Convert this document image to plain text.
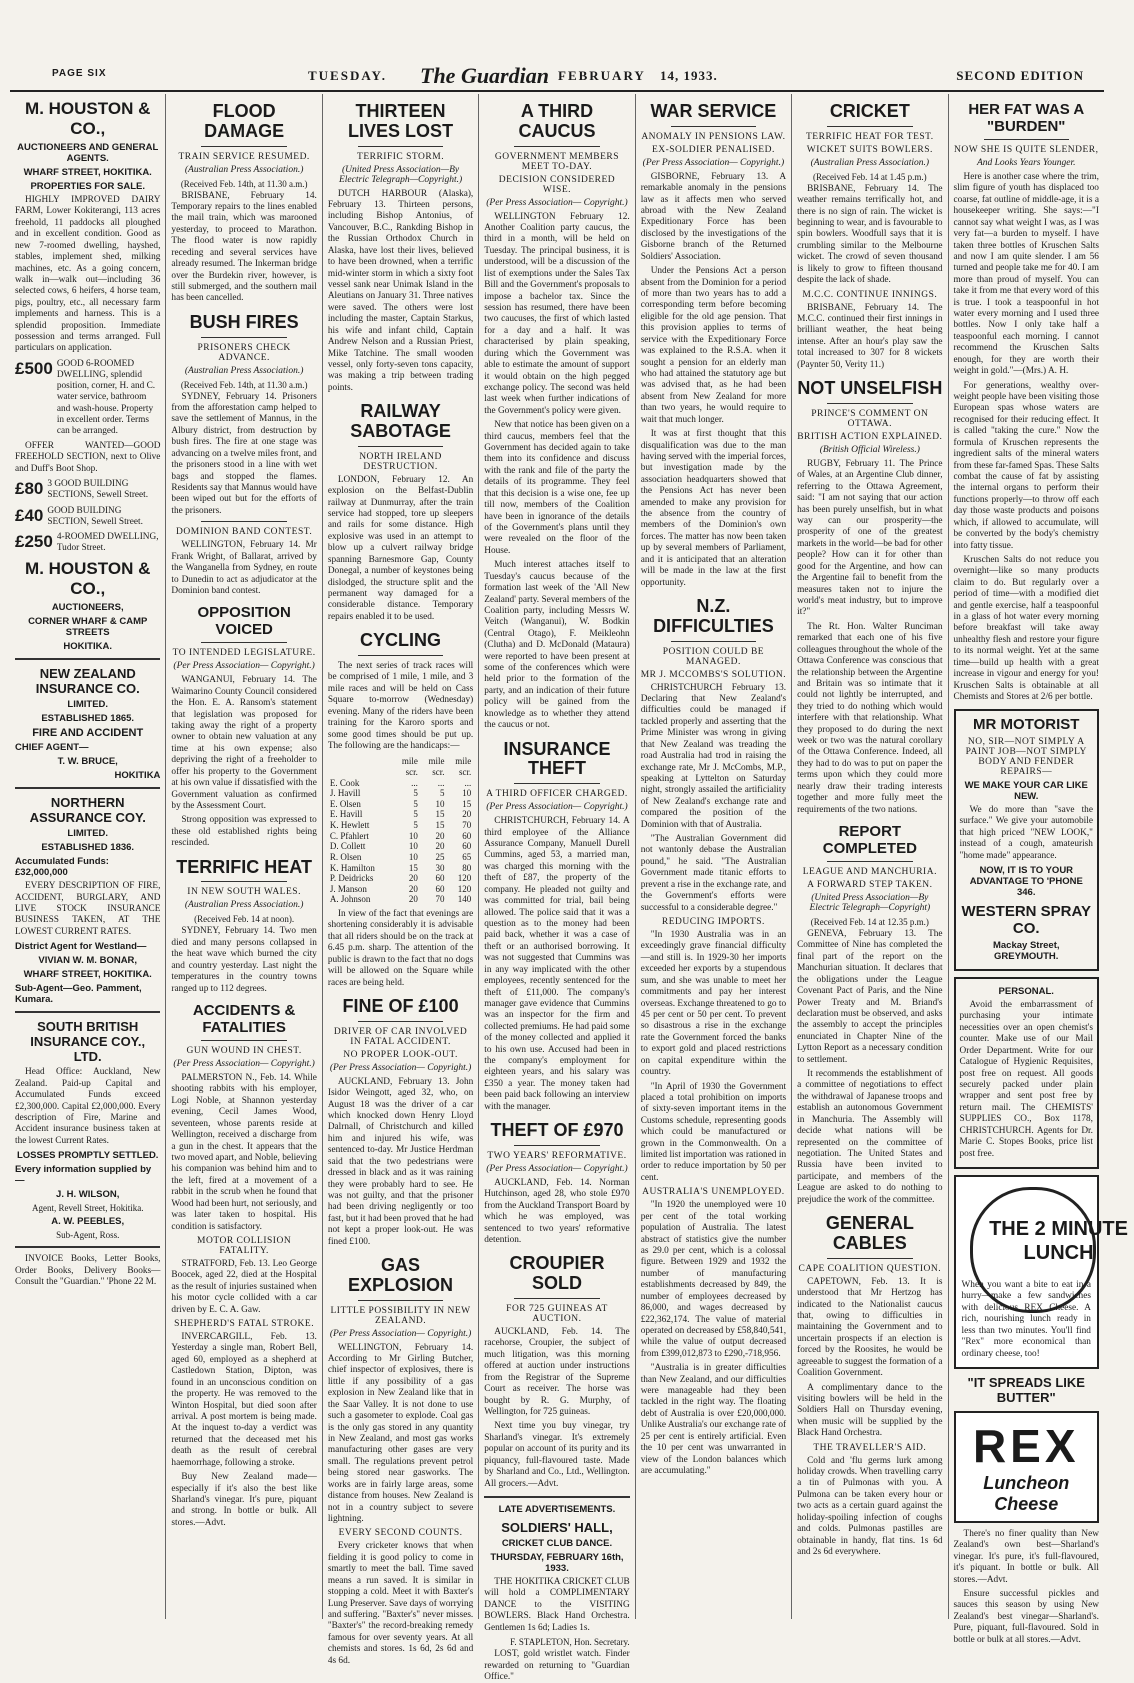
PAGE SIX	TUESDAY. The Guardian FEBRUARY 14, 1933.	SECOND EDITION
M. HOUSTON & CO.,
AUCTIONEERS AND GENERAL AGENTS.
WHARF STREET, HOKITIKA.
PROPERTIES FOR SALE.

HIGHLY IMPROVED DAIRY FARM, Lower Kokiterangi, 113 acres freehold, 11 paddocks all ploughed and in excellent condition. Good as new 7-roomed dwelling, hayshed, stables, implement shed, milking machines, etc. As a going concern, walk in—walk out—including 36 selected cows, 6 heifers, 4 horse team, pigs, poultry, etc., all necessary farm implements and harness. This is a splendid proposition. Immediate possession and terms arranged. Full particulars on application.

£500 GOOD 6-ROOMED DWELLING, splendid position, corner, H. and C. water service, bathroom and wash-house. Property in excellent order. Terms can be arranged.

OFFER WANTED—GOOD FREEHOLD SECTION, next to Olive and Duff's Boot Shop.

£80 3 GOOD BUILDING SECTIONS, Sewell Street.
£40 GOOD BUILDING SECTION, Sewell Street.
£250 4-ROOMED DWELLING, Tudor Street.
M. HOUSTON & CO.,
AUCTIONEERS,
CORNER WHARF & CAMP STREETS
HOKITIKA.
NEW ZEALAND INSURANCE CO.
LIMITED.
ESTABLISHED 1865.
FIRE AND ACCIDENT
CHIEF AGENT—
T. W. BRUCE,
HOKITIKA
NORTHERN ASSURANCE COY.
LIMITED.
ESTABLISHED 1836.
Accumulated Funds: £32,000,000

EVERY DESCRIPTION OF FIRE, ACCIDENT, BURGLARY, AND LIVE STOCK INSURANCE BUSINESS TAKEN, AT THE LOWEST CURRENT RATES.

District Agent for Westland—
VIVIAN W. M. BONAR,
WHARF STREET, HOKITIKA.
Sub-Agent—Geo. Pamment, Kumara.
SOUTH BRITISH INSURANCE COY., LTD.

Head Office: Auckland, New Zealand. Paid-up Capital and Accumulated Funds exceed £2,300,000. Capital £2,000,000. Every description of Fire, Marine and Accident insurance business taken at the lowest Current Rates.

LOSSES PROMPTLY SETTLED.
Every information supplied by—
J. H. WILSON,
Agent, Revell Street, Hokitika.
A. W. PEEBLES,
Sub-Agent, Ross.

INVOICE Books, Letter Books, Order Books, Delivery Books—Consult the "Guardian." 'Phone 22 M.

FLOOD DAMAGE
TRAIN SERVICE RESUMED.
(Australian Press Association.)
(Received Feb. 14th, at 11.30 a.m.)

BRISBANE, February 14. Temporary repairs to the lines enabled the mail train, which was marooned yesterday, to proceed to Marathon. The flood water is now rapidly receding and several services have already resumed. The Inkerman bridge over the Burdekin river, however, is still submerged, and the southern mail has been cancelled.

BUSH FIRES
PRISONERS CHECK ADVANCE.
(Australian Press Association.)
(Received Feb. 14th, at 11.30 a.m.)

SYDNEY, February 14. Prisoners from the afforestation camp helped to save the settlement of Mannus, in the Albury district, from destruction by bush fires. The fire at one stage was advancing on a twelve miles front, and the prisoners stood in a line with wet bags and stopped the flames. Residents say that Mannus would have been wiped out but for the efforts of the prisoners.

DOMINION BAND CONTEST.

WELLINGTON, February 14. Mr Frank Wright, of Ballarat, arrived by the Wanganella from Sydney, en route to Dunedin to act as adjudicator at the Dominion band contest.

OPPOSITION VOICED
TO INTENDED LEGISLATURE.
(Per Press Association— Copyright.)

WANGANUI, February 14. The Waimarino County Council considered the Hon. E. A. Ransom's statement that legislation was proposed for taking away the right of a property owner to obtain new valuation at any time at his own expense; also depriving the right of a freeholder to offer his property to the Government at his own value if dissatisfied with the Government valuation as confirmed by the Assessment Court.

Strong opposition was expressed to these old established rights being rescinded.

TERRIFIC HEAT
IN NEW SOUTH WALES.
(Australian Press Association.)
(Received Feb. 14 at noon).

SYDNEY, February 14. Two men died and many persons collapsed in the heat wave which burned the city and country yesterday. Last night the temperatures in the country towns ranged up to 112 degrees.

ACCIDENTS & FATALITIES
GUN WOUND IN CHEST.
(Per Press Association— Copyright.)

PALMERSTON N., Feb. 14. While shooting rabbits with his employer, Logi Noble, at Shannon yesterday evening, Cecil James Wood, seventeen, whose parents reside at Wellington, received a discharge from a gun in the chest. It appears that the two moved apart, and Noble, believing his companion was behind him and to the left, fired at a movement of a rabbit in the scrub when he found that Wood had been hurt, not seriously, and was later taken to hospital. His condition is satisfactory.

MOTOR COLLISION FATALITY.

STRATFORD, Feb. 13. Leo George Boocek, aged 22, died at the Hospital as the result of injuries sustained when his motor cycle collided with a car driven by E. C. A. Gaw.

SHEPHERD'S FATAL STROKE.

INVERCARGILL, Feb. 13. Yesterday a single man, Robert Bell, aged 60, employed as a shepherd at Castledown Station, Dipton, was found in an unconscious condition on the property. He was removed to the Winton Hospital, but died soon after arrival. A post mortem is being made. At the inquest to-day a verdict was returned that the deceased met his death as the result of cerebral haemorrhage, following a stroke.

Buy New Zealand made—especially if it's also the best like Sharland's vinegar. It's pure, piquant and strong. In bottle or bulk. All stores.—Advt.

THIRTEEN LIVES LOST
TERRIFIC STORM.
(United Press Association—By Electric Telegraph—Copyright.)

DUTCH HARBOUR (Alaska), February 13. Thirteen persons, including Bishop Antonius, of Vancouver, B.C., Rankding Bishop in the Russian Orthodox Church in Alaska, have lost their lives, believed to have been drowned, when a terrific mid-winter storm in which a sixty foot vessel sank near Unimak Island in the Aleutians on January 31. Three natives were saved. The others were lost including the master, Captain Starkus, his wife and infant child, Captain Andrew Nelson and a Russian Priest, Mike Tatchine. The small wooden vessel, only forty-seven tons capacity, was making a trip between trading points.

RAILWAY SABOTAGE
NORTH IRELAND DESTRUCTION.

LONDON, February 12. An explosion on the Belfast-Dublin railway at Dunmurray, after the train service had stopped, tore up sleepers and rails for some distance. High explosive was used in an attempt to blow up a culvert railway bridge spanning Barnesmore Gap, County Donegal, a number of keystones being dislodged, the structure split and the permanent way damaged for a considerable distance. Temporary repairs enabled it to be used.

CYCLING

The next series of track races will be comprised of 1 mile, 1 mile, and 3 mile races and will be held on Cass Square to-morrow (Wednesday) evening. Many of the riders have been training for the Karoro sports and some good times should be put up. The following are the handicaps:—

	mile	mile	mile
	scr.	scr.	scr.
E. Cook	...	...	...
J. Havill	5	5	10
E. Olsen	5	10	15
E. Havill	5	15	20
K. Hewlett	5	15	70
C. Pfahlert	10	20	60
D. Collett	10	20	60
R. Olsen	10	25	65
K. Hamilton	15	30	80
P. Deidricks	20	60	120
J. Manson	20	60	120
A. Johnson	20	70	140

In view of the fact that evenings are shortening considerably it is advisable that all riders should be on the track at 6.45 p.m. sharp. The attention of the public is drawn to the fact that no dogs will be allowed on the Square while races are being held.

FINE OF £100
DRIVER OF CAR INVOLVED IN FATAL ACCIDENT.
NO PROPER LOOK-OUT.
(Per Press Association— Copyright.)

AUCKLAND, February 13. John Isidor Weingott, aged 32, who, on August 18 was the driver of a car which knocked down Henry Lloyd Dalrnall, of Christchurch and killed him and injured his wife, was sentenced to-day. Mr Justice Herdman said that the two pedestrians were dressed in black and as it was raining they were probably hard to see. He was not guilty, and that the prisoner had been driving negligently or too fast, but it had been proved that he had not kept a proper look-out. He was fined £100.

GAS EXPLOSION
LITTLE POSSIBILITY IN NEW ZEALAND.
(Per Press Association— Copyright.)

WELLINGTON, February 14. According to Mr Girling Butcher, chief inspector of explosives, there is little if any possibility of a gas explosion in New Zealand like that in the Saar Valley. It is not done to use such a gasometer to explode. Coal gas is the only gas stored in any quantity in New Zealand, and most gas works manufacturing other gases are very small. The regulations prevent petrol being stored near gasworks. The works are in fairly large areas, some distance from houses. New Zealand is not in a country subject to severe lightning.

EVERY SECOND COUNTS.

Every cricketer knows that when fielding it is good policy to come in smartly to meet the ball. Time saved means a run saved. It is similar in stopping a cold. Meet it with Baxter's Lung Preserver. Save days of worrying and suffering. "Baxter's" never misses. "Baxter's" the record-breaking remedy famous for over seventy years. At all chemists and stores. 1s 6d, 2s 6d and 4s 6d.

A THIRD CAUCUS
GOVERNMENT MEMBERS MEET TO-DAY.
DECISION CONSIDERED WISE.
(Per Press Association— Copyright.)

WELLINGTON February 12. Another Coalition party caucus, the third in a month, will be held on Tuesday. The principal business, it is understood, will be a discussion of the list of exemptions under the Sales Tax Bill and the Government's proposals to impose a bachelor tax. Since the session has resumed, there have been two caucuses, the first of which lasted for a day and a half. It was characterised by plain speaking, during which the Government was able to estimate the amount of support it would obtain on the high pegged exchange policy. The second was held last week when further indications of the Government's policy were given.

New that notice has been given on a third caucus, members feel that the Government has decided again to take them into its confidence and discuss with the rank and file of the party the details of its programme. They feel that this decision is a wise one, fee up till now, members of the Coalition have been in ignorance of the details of the Government's plans until they were revealed on the floor of the House.

Much interest attaches itself to Tuesday's caucus because of the formation last week of the 'All New Zealand' party. Several members of the Coalition party, including Messrs W. Veitch (Wanganui), W. Bodkin (Central Otago), F. Meikleohn (Clutha) and D. McDonald (Mataura) were reported to have been present at some of the conferences which were held prior to the formation of the party, and an indication of their future policy will be gained from the knowledge as to whether they attend the caucus or not.

INSURANCE THEFT
A THIRD OFFICER CHARGED.
(Per Press Association— Copyright.)

CHRISTCHURCH, February 14. A third employee of the Alliance Assurance Company, Manuell Durell Cummins, aged 53, a married man, was charged this morning with the theft of £87, the property of the company. He pleaded not guilty and was committed for trial, bail being allowed. The police said that it was a question as to the money had been paid back, whether it was a case of theft or an authorised borrowing. It was not suggested that Cummins was in any way implicated with the other employees, recently sentenced for the theft of £11,000. The company's manager gave evidence that Cummins was an inspector for the firm and collected premiums. He had paid some of the money collected and applied it to his own use. Accused had been in the company's employment for eighteen years, and his salary was £350 a year. The money taken had been paid back following an interview with the manager.

THEFT OF £970
TWO YEARS' REFORMATIVE.
(Per Press Association— Copyright.)

AUCKLAND, Feb. 14. Norman Hutchinson, aged 28, who stole £970 from the Auckland Transport Board by which he was employed, was sentenced to two years' reformative detention.

CROUPIER SOLD
FOR 725 GUINEAS AT AUCTION.

AUCKLAND, Feb. 14. The racehorse, Croupier, the subject of much litigation, was this morning offered at auction under instructions from the Registrar of the Supreme Court as receiver. The horse was bought by R. G. Murphy, of Wellington, for 725 guineas.

Next time you buy vinegar, try Sharland's vinegar. It's extremely popular on account of its purity and its piquancy, full-flavoured taste. Made by Sharland and Co., Ltd., Wellington. All grocers.—Advt.

LATE ADVERTISEMENTS.
SOLDIERS' HALL,
CRICKET CLUB DANCE.
THURSDAY, FEBRUARY 16th, 1933.

THE HOKITIKA CRICKET CLUB will hold a COMPLIMENTARY DANCE to the VISITING BOWLERS. Black Hand Orchestra. Gentlemen 1s 6d; Ladies 1s.

F. STAPLETON, Hon. Secretary.

LOST, gold wristlet watch. Finder rewarded on returning to "Guardian Office."

WAR SERVICE
ANOMALY IN PENSIONS LAW.
EX-SOLDIER PENALISED.
(Per Press Association— Copyright.)

GISBORNE, February 13. A remarkable anomaly in the pensions law as it affects men who served abroad with the New Zealand Expeditionary Force has been disclosed by the investigations of the Gisborne branch of the Returned Soldiers' Association.

Under the Pensions Act a person absent from the Dominion for a period of more than two years has to add a corresponding term before becoming eligible for the old age pension. That this provision applies to terms of service with the Expeditionary Force was explained to the R.S.A. when it sought a pension for an elderly man who had attained the statutory age but was advised that, as he had been absent from New Zealand for more than two years, he would require to wait that much longer.

It was at first thought that this disqualification was due to the man having served with the imperial forces, but investigation made by the association headquarters showed that the Pensions Act has never been amended to make any provision for the absence from the country of members of the Dominion's own forces. The matter has now been taken up by several members of Parliament, and it is anticipated that an alteration will be made in the law at the first opportunity.

N.Z. DIFFICULTIES
POSITION COULD BE MANAGED.
MR J. MCCOMBS'S SOLUTION.

CHRISTCHURCH February 13. Declaring that New Zealand's difficulties could be managed if tackled properly and asserting that the Prime Minister was wrong in giving that New Zealand was treading the road Australia had trod in raising the exchange rate, Mr J. McCombs, M.P., speaking at Lyttelton on Saturday night, strongly assailed the artificiality of New Zealand's exchange rate and compared the position of the Dominion with that of Australia.

"The Australian Government did not wantonly debase the Australian pound," he said. "The Australian Government made titanic efforts to prevent a rise in the exchange rate, and the Government's efforts were successful to a considerable degree."

REDUCING IMPORTS.

"In 1930 Australia was in an exceedingly grave financial difficulty—and still is. In 1929-30 her imports exceeded her exports by a stupendous sum, and she was unable to meet her commitments and pay her interest overseas. Exchange threatened to go to 45 per cent or 50 per cent. To prevent so disastrous a rise in the exchange rate the Government forced the banks to export gold and placed restrictions on capital expenditure within the country.

"In April of 1930 the Government placed a total prohibition on imports of sixty-seven important items in the Customs schedule, representing goods which could be manufactured or grown in the Commonwealth. On a limited list importation was rationed in order to reduce importation by 50 per cent.

AUSTRALIA'S UNEMPLOYED.

"In 1920 the unemployed were 10 per cent of the total working population of Australia. The latest abstract of statistics give the number as 29.0 per cent, which is a colossal figure. Between 1929 and 1932 the number of manufacturing establishments decreased by 849, the number of employees decreased by 86,000, and wages decreased by £22,362,174. The value of material operated on decreased by £58,840,541, while the value of output decreased from £399,012,873 to £290,-718,956.

"Australia is in greater difficulties than New Zealand, and our difficulties were manageable had they been tackled in the right way. The floating debt of Australia is over £20,000,000. Unlike Australia's our exchange rate of 25 per cent is entirely artificial. Even the 10 per cent was unwarranted in view of the London balances which are accumulating."

CRICKET
TERRIFIC HEAT FOR TEST.
WICKET SUITS BOWLERS.
(Australian Press Association.)
(Received Feb. 14 at 1.45 p.m.)

BRISBANE, February 14. The weather remains terrifically hot, and there is no sign of rain. The wicket is beginning to wear, and is favourable to spin bowlers. Woodfull says that it is crumbling similar to the Melbourne wicket. The crowd of seven thousand is likely to grow to fifteen thousand despite the lack of shade.

M.C.C. CONTINUE INNINGS.

BRISBANE, February 14. The M.C.C. continued their first innings in brilliant weather, the heat being intense. After an hour's play saw the total increased to 307 for 8 wickets (Paynter 50, Verity 11.)

NOT UNSELFISH
PRINCE'S COMMENT ON OTTAWA.
BRITISH ACTION EXPLAINED.
(British Official Wireless.)

RUGBY, February 11. The Prince of Wales, at an Argentine Club dinner, referring to the Ottawa Agreement, said: "I am not saying that our action has been purely unselfish, but in what way can our prosperity—the prosperity of one of the greatest markets in the world—be bad for other people? How can it for other than good for the Argentine, and how can the Argentine fail to benefit from the measures taken not to injure the world's meat industry, but to improve it?"

The Rt. Hon. Walter Runciman remarked that each one of his five colleagues throughout the whole of the Ottawa Conference was conscious that the relationship between the Argentine and Britain was so intimate that it could not lightly be interrupted, and they tried to do nothing which would interfere with that relationship. What they proposed to do during the next week or two was the natural corollary of the Ottawa Conference. Indeed, all they had to do was to put on paper the terms upon which they could more nearly draw their trading interests together and more fully meet the requirements of the two nations.

REPORT COMPLETED
LEAGUE AND MANCHURIA.
A FORWARD STEP TAKEN.
(United Press Association—By Electric Telegraph—Copyright)
(Received Feb. 14 at 12.35 p.m.)

GENEVA, February 13. The Committee of Nine has completed the final part of the report on the Manchurian situation. It declares that the obligations under the League Covenant Pact of Paris, and the Nine Power Treaty and M. Briand's declaration must be observed, and asks the assembly to accept the principles enunciated in Chapter Nine of the Lytton Report as a necessary condition to settlement.

It recommends the establishment of a committee of negotiations to effect the withdrawal of Japanese troops and establish an autonomous Government in Manchuria. The Assembly will decide what nations will be represented on the committee of negotiation. The United States and Russia have been invited to participate, and members of the League are asked to do nothing to prejudice the work of the committee.

GENERAL CABLES
CAPE COALITION QUESTION.

CAPETOWN, Feb. 13. It is understood that Mr Hertzog has indicated to the Nationalist caucus that, owing to difficulties in maintaining the Government and to uncertain prospects if an election is forced by the Roosites, he would be agreeable to suggest the formation of a Coalition Government.

A complimentary dance to the visiting bowlers will be held in the Soldiers Hall on Thursday evening, when music will be supplied by the Black Hand Orchestra.

THE TRAVELLER'S AID.

Cold and 'flu germs lurk among holiday crowds. When travelling carry a tin of Pulmonas with you. A Pulmona can be taken every hour or two acts as a certain guard against the holiday-spoiling infection of coughs and colds. Pulmonas pastilles are obtainable in handy, flat tins. 1s 6d and 2s 6d everywhere.

HER FAT WAS A "BURDEN"
NOW SHE IS QUITE SLENDER,
And Looks Years Younger.

Here is another case where the trim, slim figure of youth has displaced too coarse, fat outline of middle-age, it is a housekeeper writing. She says:—"I cannot say what weight I was, as I was very fat—a burden to myself. I have taken three bottles of Kruschen Salts and now I am quite slender. I am 56 turned and people take me for 40. I am more than proud of myself. You can take it from me that every word of this is true. I took a teaspoonful in hot water every morning and I used three bottles. Now I only take half a teaspoonful each morning. I cannot recommend the Kruschen Salts enough, for they are worth their weight in gold."—(Mrs.) A. H.

For generations, wealthy over-weight people have been visiting those European spas whose waters are recognised for their reducing effect. It is called "taking the cure." Now the formula of Kruschen represents the ingredient salts of the mineral waters from these far-famed Spas. These Salts combat the cause of fat by assisting the internal organs to perform their functions properly—to throw off each day those waste products and poisons which, if allowed to accumulate, will be converted by the body's chemistry into fatty tissue.

Kruschen Salts do not reduce you overnight—like so many products claim to do. But regularly over a period of time—with a modified diet and gentle exercise, half a teaspoonful in a glass of hot water every morning before breakfast will take away unhealthy flesh and restore your figure to its normal weight. Yet at the same time—build up health with a great increase in vigour and energy for you! Kruschen Salts is obtainable at all Chemists and Stores at 2/6 per bottle.

MR MOTORIST
NO, SIR—NOT SIMPLY A PAINT JOB—NOT SIMPLY BODY AND FENDER REPAIRS—
WE MAKE YOUR CAR LIKE NEW.

We do more than "save the surface." We give your automobile that high priced "NEW LOOK," instead of a cough, amateurish "home made" appearance.

NOW, IT IS TO YOUR ADVANTAGE TO 'PHONE 346.
WESTERN SPRAY CO.
Mackay Street, GREYMOUTH.
PERSONAL.

Avoid the embarrassment of purchasing your intimate necessities over an open chemist's counter. Make use of our Mail Order Department. Write for our Catalogue of Hygienic Requisites, post free on request. All goods securely packed under plain wrapper and sent post free by return mail. The CHEMISTS' SUPPLIES CO., Box 1178, CHRISTCHURCH. Agents for Dr. Marie C. Stopes Books, price list post free.

THE 2 MINUTE LUNCH

When you want a bite to eat in a hurry—make a few sandwiches with delicious REX Cheese. A rich, nourishing lunch ready in less than two minutes. You'll find "Rex" more economical than ordinary cheese, too!

"IT SPREADS LIKE BUTTER"
REX
Luncheon Cheese

There's no finer quality than New Zealand's own best—Sharland's vinegar. It's pure, it's full-flavoured, it's piquant. In bottle or bulk. All stores.—Advt.

Ensure successful pickles and sauces this season by using New Zealand's best vinegar—Sharland's. Pure, piquant, full-flavoured. Sold in bottle or bulk at all stores.—Advt.
